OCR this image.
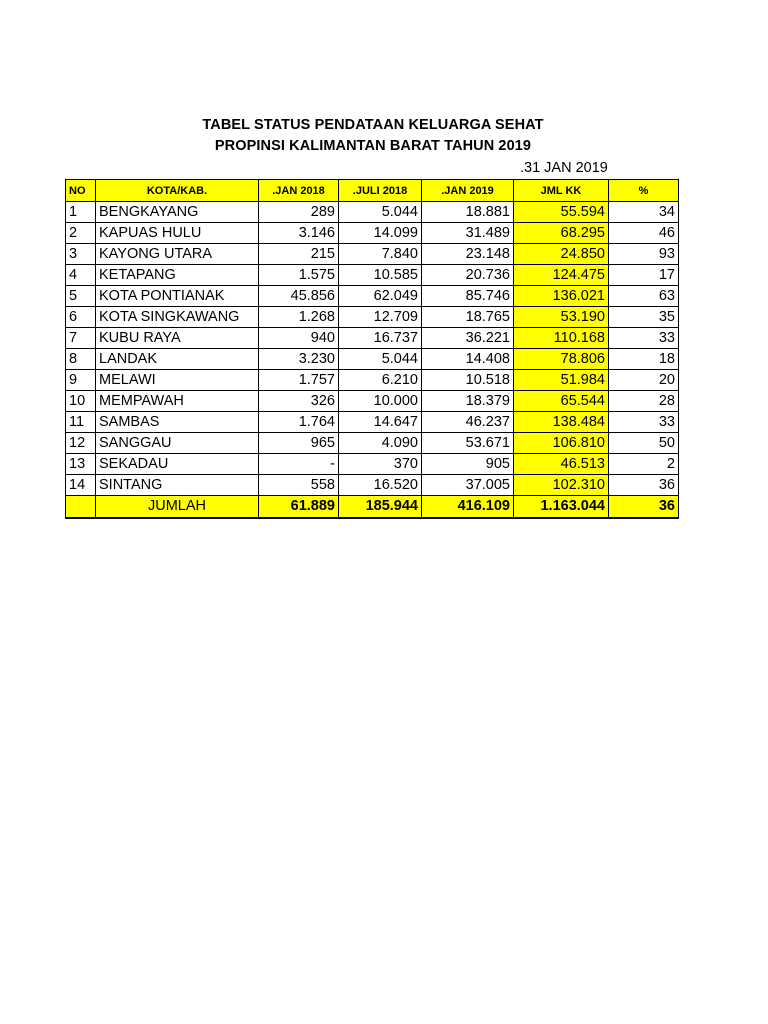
TABEL STATUS PENDATAAN KELUARGA SEHAT
PROPINSI KALIMANTAN BARAT TAHUN 2019
.31 JAN 2019
NO	KOTA/KAB.	.JAN 2018	.JULI 2018	.JAN 2019	JML KK	%
1	BENGKAYANG	289	5.044	18.881	55.594	34
2	KAPUAS HULU	3.146	14.099	31.489	68.295	46
3	KAYONG UTARA	215	7.840	23.148	24.850	93
4	KETAPANG	1.575	10.585	20.736	124.475	17
5	KOTA PONTIANAK	45.856	62.049	85.746	136.021	63
6	KOTA SINGKAWANG	1.268	12.709	18.765	53.190	35
7	KUBU RAYA	940	16.737	36.221	110.168	33
8	LANDAK	3.230	5.044	14.408	78.806	18
9	MELAWI	1.757	6.210	10.518	51.984	20
10	MEMPAWAH	326	10.000	18.379	65.544	28
11	SAMBAS	1.764	14.647	46.237	138.484	33
12	SANGGAU	965	4.090	53.671	106.810	50
13	SEKADAU	-	370	905	46.513	2
14	SINTANG	558	16.520	37.005	102.310	36
	JUMLAH	61.889	185.944	416.109	1.163.044	36
